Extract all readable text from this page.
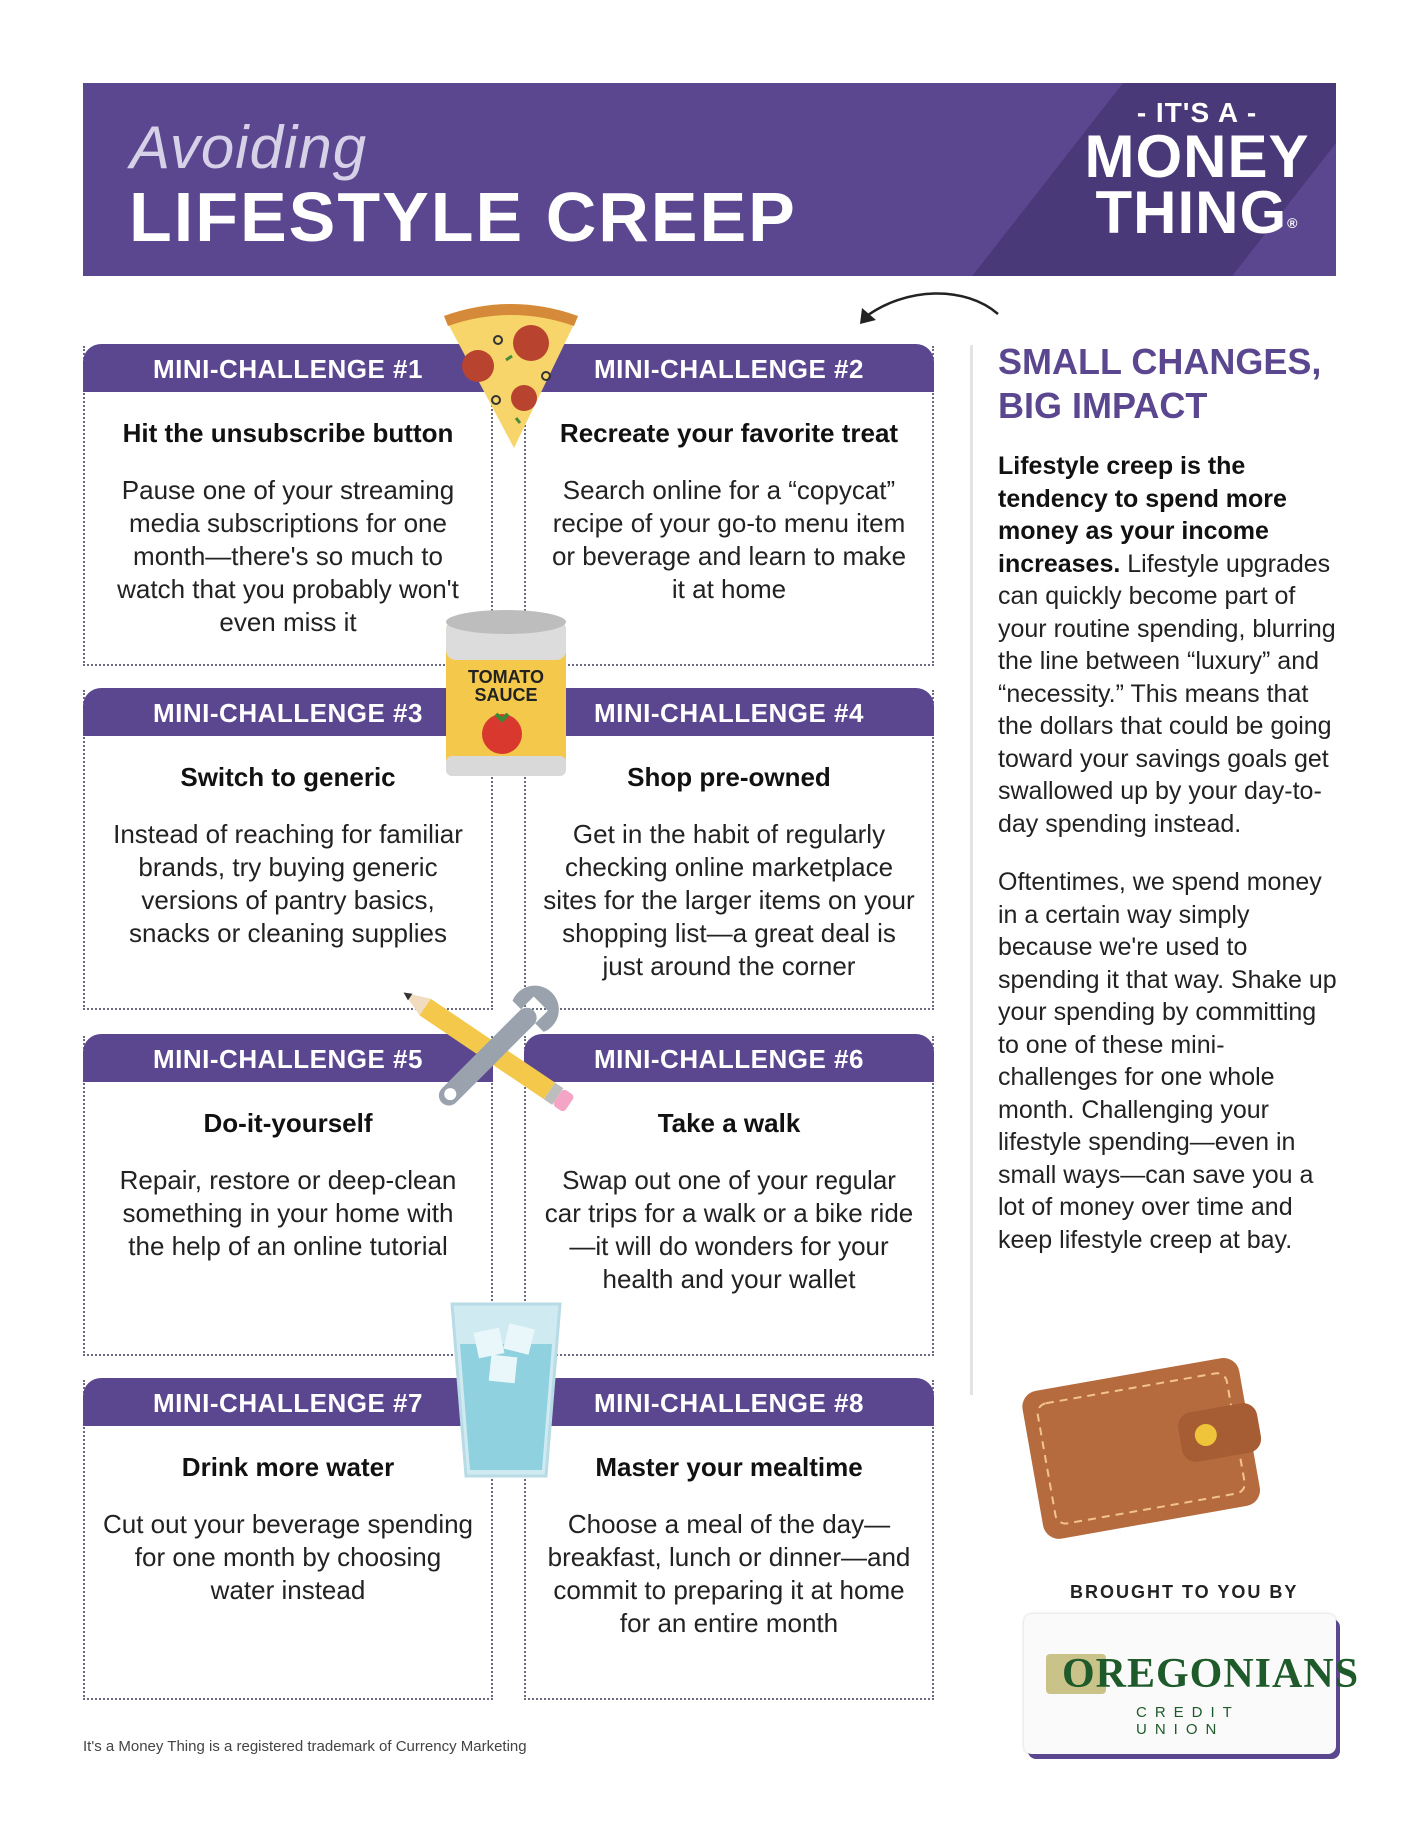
Avoiding
LIFESTYLE CREEP
- IT'S A -
MONEY
THING®
MINI-CHALLENGE #1
Hit the unsubscribe button
Pause one of your streaming media subscriptions for one month—there's so much to watch that you probably won't even miss it
MINI-CHALLENGE #2
Recreate your favorite treat
Search online for a “copycat” recipe of your go-to menu item or beverage and learn to make it at home
MINI-CHALLENGE #3
Switch to generic
Instead of reaching for familiar brands, try buying generic versions of pantry basics, snacks or cleaning supplies
MINI-CHALLENGE #4
Shop pre-owned
Get in the habit of regularly checking online marketplace sites for the larger items on your shopping list—a great deal is just around the corner
MINI-CHALLENGE #5
Do-it-yourself
Repair, restore or deep-clean something in your home with the help of an online tutorial
MINI-CHALLENGE #6
Take a walk
Swap out one of your regular car trips for a walk or a bike ride—it will do wonders for your health and your wallet
MINI-CHALLENGE #7
Drink more water
Cut out your beverage spending for one month by choosing water instead
MINI-CHALLENGE #8
Master your mealtime
Choose a meal of the day—breakfast, lunch or dinner—and commit to preparing it at home for an entire month
TOMATO
SAUCE
SMALL CHANGES,
BIG IMPACT

Lifestyle creep is the tendency to spend more money as your income increases. Lifestyle upgrades can quickly become part of your routine spending, blurring the line between “luxury” and “necessity.” This means that the dollars that could be going toward your savings goals get swallowed up by your day-to-day spending instead.

Oftentimes, we spend money in a certain way simply because we're used to spending it that way. Shake up your spending by committing to one of these mini-challenges for one whole month. Challenging your lifestyle spending—even in small ways—can save you a lot of money over time and keep lifestyle creep at bay.

BROUGHT TO YOU BY
OREGONIANS
CREDIT UNION
It's a Money Thing is a registered trademark of Currency Marketing
